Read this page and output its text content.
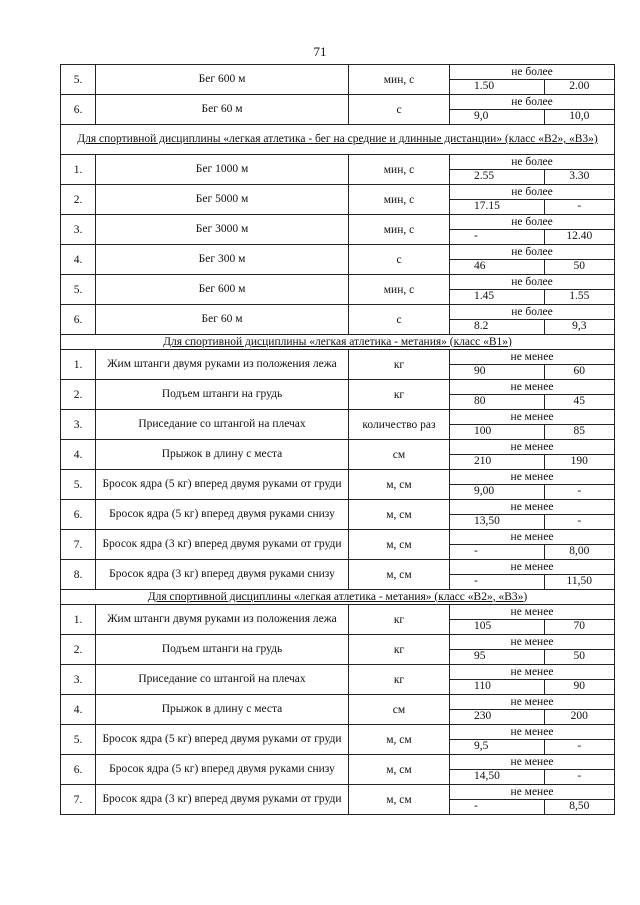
71
5.	Бег 600 м	мин, с	не более
1.50 2.00

6.	Бег 60 м	с	не более
9,0 10,0

Для спортивной дисциплины «легкая атлетика - бег на средние и длинные дистанции» (класс «В2», «В3»)			
1.	Бег 1000 м	мин, с	не более
2.55 3.30

2.	Бег 5000 м	мин, с	не более
17.15 -

3.	Бег 3000 м	мин, с	не более
- 12.40

4.	Бег 300 м	с	не более
46 50

5.	Бег 600 м	мин, с	не более
1.45 1.55

6.	Бег 60 м	с	не более
8.2 9,3

Для спортивной дисциплины «легкая атлетика - метания» (класс «В1»)			
1.	Жим штанги двумя руками из положения лежа	кг	не менее
90 60

2.	Подъем штанги на грудь	кг	не менее
80 45

3.	Приседание со штангой на плечах	количество раз	не менее
100 85

4.	Прыжок в длину с места	см	не менее
210 190

5.	Бросок ядра (5 кг) вперед двумя руками от груди	м, см	не менее
9,00 -

6.	Бросок ядра (5 кг) вперед двумя руками снизу	м, см	не менее
13,50 -

7.	Бросок ядра (3 кг) вперед двумя руками от груди	м, см	не менее
- 8,00

8.	Бросок ядра (3 кг) вперед двумя руками снизу	м, см	не менее
- 11,50

Для спортивной дисциплины «легкая атлетика - метания» (класс «В2», «В3»)			
1.	Жим штанги двумя руками из положения лежа	кг	не менее
105 70

2.	Подъем штанги на грудь	кг	не менее
95 50

3.	Приседание со штангой на плечах	кг	не менее
110 90

4.	Прыжок в длину с места	см	не менее
230 200

5.	Бросок ядра (5 кг) вперед двумя руками от груди	м, см	не менее
9,5 -

6.	Бросок ядра (5 кг) вперед двумя руками снизу	м, см	не менее
14,50 -

7.	Бросок ядра (3 кг) вперед двумя руками от груди	м, см	не менее
- 8,50
